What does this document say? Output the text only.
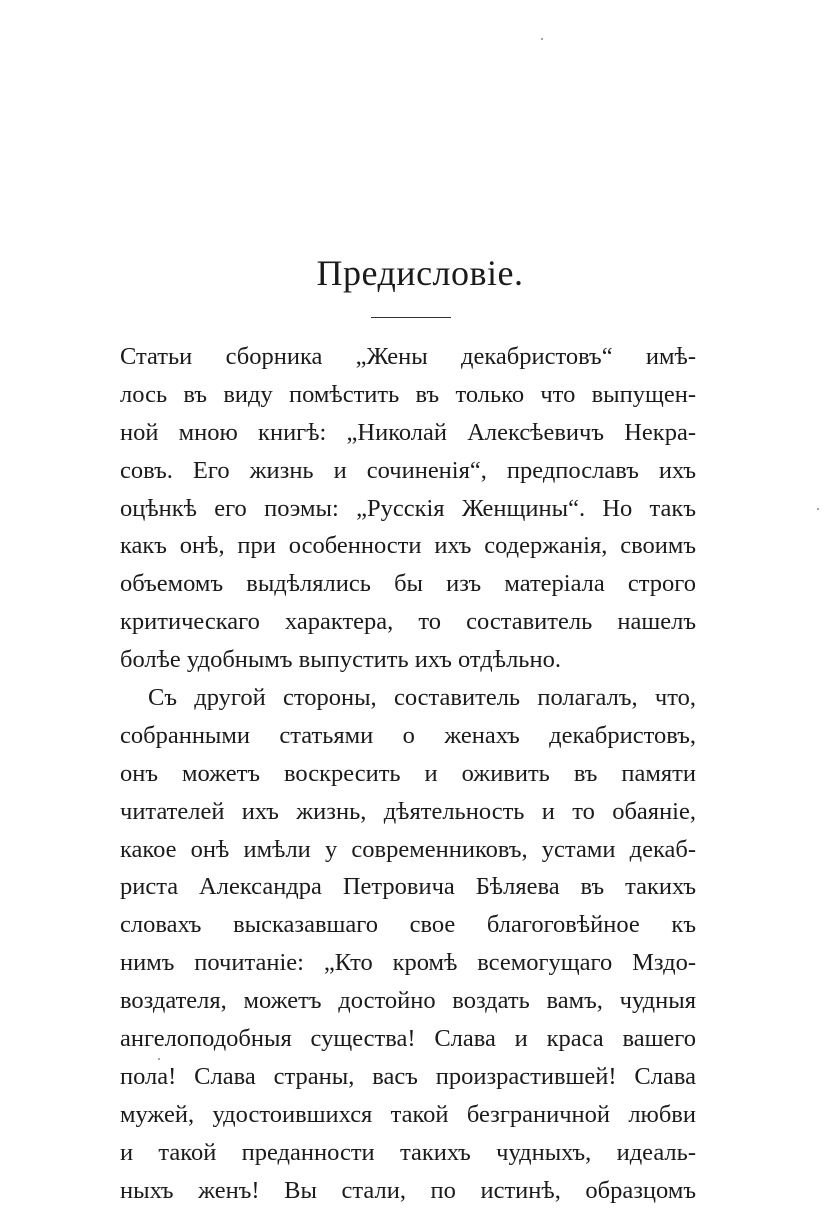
Предисловіе.
Статьи сборника „Жены декабристовъ“ имѣ-
лось въ виду помѣстить въ только что выпущен-
ной мною книгѣ: „Николай Алексѣевичъ Некра-
совъ. Его жизнь и сочиненія“, предпославъ ихъ
оцѣнкѣ его поэмы: „Русскія Женщины“. Но такъ
какъ онѣ, при особенности ихъ содержанія, своимъ
объемомъ выдѣлялись бы изъ матеріала строго
критическаго характера, то составитель нашелъ
болѣе удобнымъ выпустить ихъ отдѣльно.
Съ другой стороны, составитель полагалъ, что,
собранными статьями о женахъ декабристовъ,
онъ можетъ воскресить и оживить въ памяти
читателей ихъ жизнь, дѣятельность и то обаяніе,
какое онѣ имѣли у современниковъ, устами декаб-
риста Александра Петровича Бѣляева въ такихъ
словахъ высказавшаго свое благоговѣйное къ
нимъ почитаніе: „Кто кромѣ всемогущаго Мздо-
воздателя, можетъ достойно воздать вамъ, чудныя
ангелоподобныя существа! Слава и краса вашего
пола! Слава страны, васъ произрастившей! Слава
мужей, удостоившихся такой безграничной любви
и такой преданности такихъ чудныхъ, идеаль-
ныхъ женъ! Вы стали, по истинѣ, образцомъ
